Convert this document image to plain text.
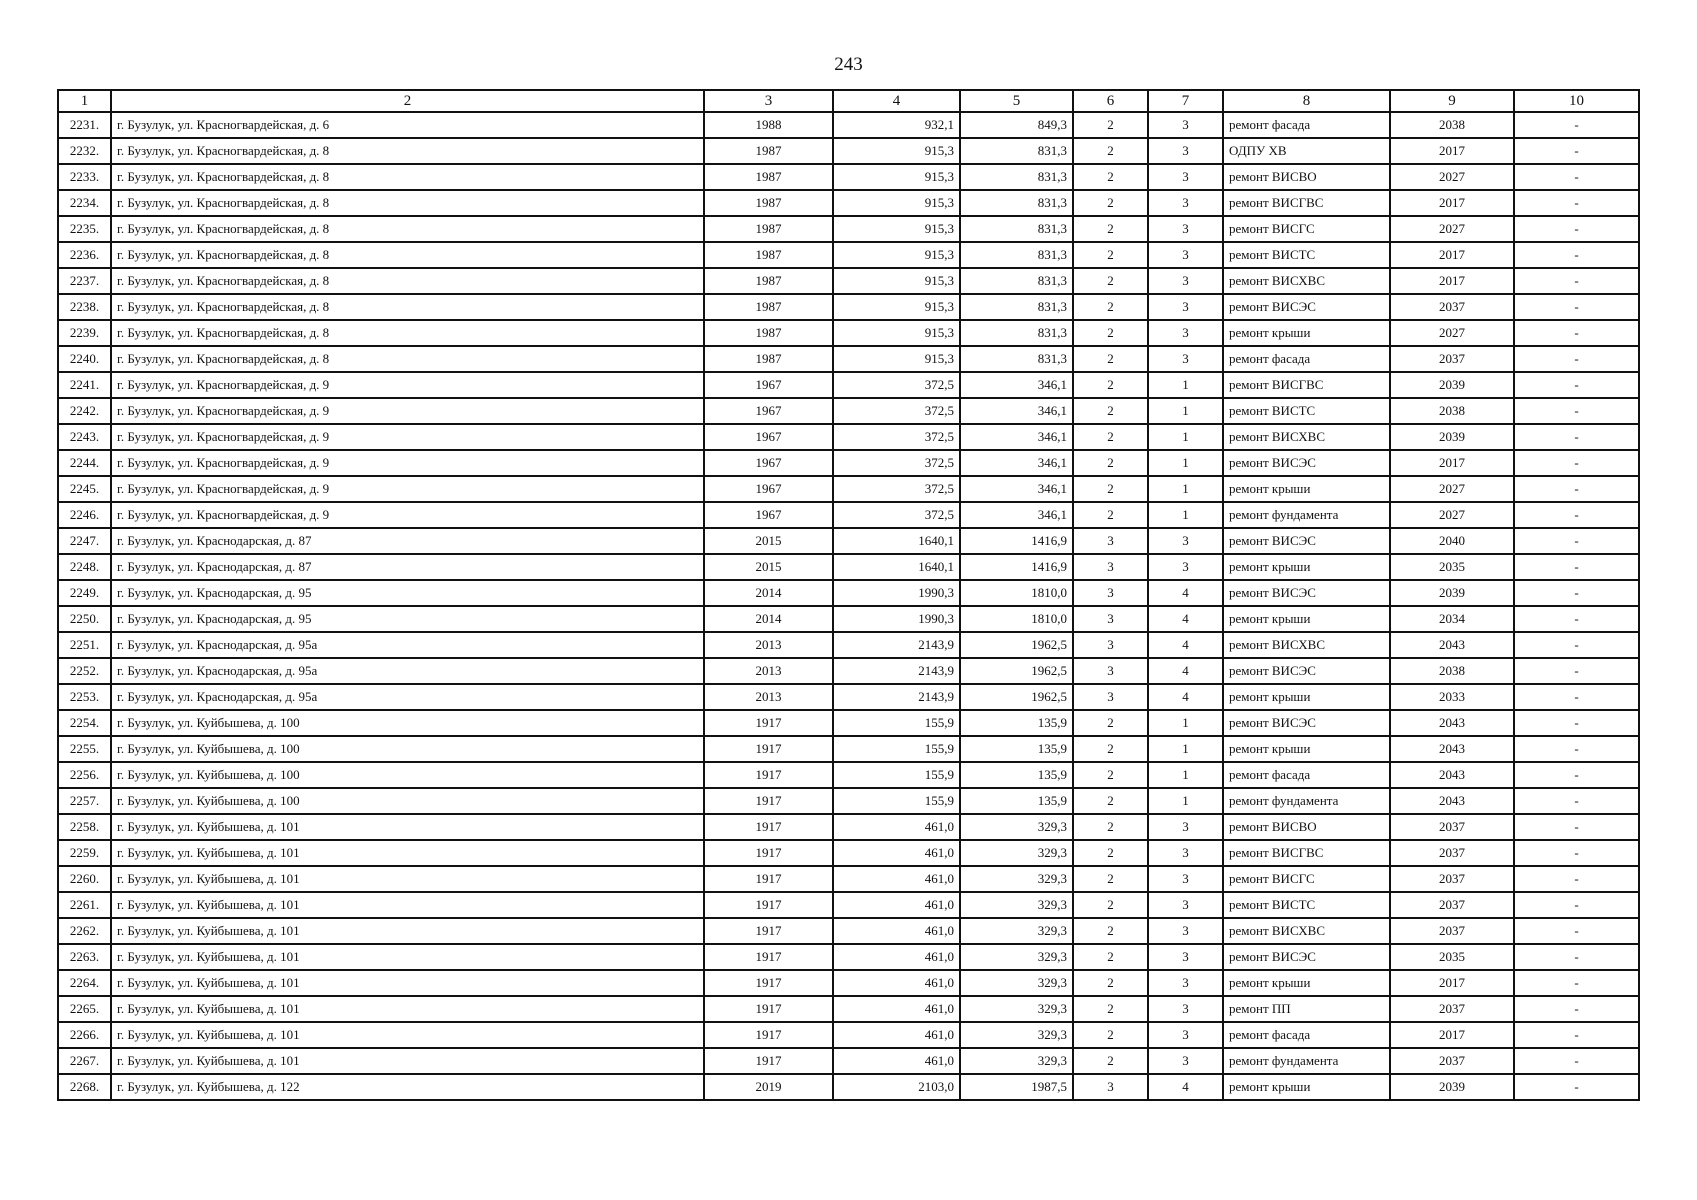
243
1	2	3	4	5	6	7	8	9	10
2231.	г. Бузулук, ул. Красногвардейская, д. 6	1988	932,1	849,3	2	3	ремонт фасада	2038	-
2232.	г. Бузулук, ул. Красногвардейская, д. 8	1987	915,3	831,3	2	3	ОДПУ ХВ	2017	-
2233.	г. Бузулук, ул. Красногвардейская, д. 8	1987	915,3	831,3	2	3	ремонт ВИСВО	2027	-
2234.	г. Бузулук, ул. Красногвардейская, д. 8	1987	915,3	831,3	2	3	ремонт ВИСГВС	2017	-
2235.	г. Бузулук, ул. Красногвардейская, д. 8	1987	915,3	831,3	2	3	ремонт ВИСГС	2027	-
2236.	г. Бузулук, ул. Красногвардейская, д. 8	1987	915,3	831,3	2	3	ремонт ВИСТС	2017	-
2237.	г. Бузулук, ул. Красногвардейская, д. 8	1987	915,3	831,3	2	3	ремонт ВИСХВС	2017	-
2238.	г. Бузулук, ул. Красногвардейская, д. 8	1987	915,3	831,3	2	3	ремонт ВИСЭС	2037	-
2239.	г. Бузулук, ул. Красногвардейская, д. 8	1987	915,3	831,3	2	3	ремонт крыши	2027	-
2240.	г. Бузулук, ул. Красногвардейская, д. 8	1987	915,3	831,3	2	3	ремонт фасада	2037	-
2241.	г. Бузулук, ул. Красногвардейская, д. 9	1967	372,5	346,1	2	1	ремонт ВИСГВС	2039	-
2242.	г. Бузулук, ул. Красногвардейская, д. 9	1967	372,5	346,1	2	1	ремонт ВИСТС	2038	-
2243.	г. Бузулук, ул. Красногвардейская, д. 9	1967	372,5	346,1	2	1	ремонт ВИСХВС	2039	-
2244.	г. Бузулук, ул. Красногвардейская, д. 9	1967	372,5	346,1	2	1	ремонт ВИСЭС	2017	-
2245.	г. Бузулук, ул. Красногвардейская, д. 9	1967	372,5	346,1	2	1	ремонт крыши	2027	-
2246.	г. Бузулук, ул. Красногвардейская, д. 9	1967	372,5	346,1	2	1	ремонт фундамента	2027	-
2247.	г. Бузулук, ул. Краснодарская, д. 87	2015	1640,1	1416,9	3	3	ремонт ВИСЭС	2040	-
2248.	г. Бузулук, ул. Краснодарская, д. 87	2015	1640,1	1416,9	3	3	ремонт крыши	2035	-
2249.	г. Бузулук, ул. Краснодарская, д. 95	2014	1990,3	1810,0	3	4	ремонт ВИСЭС	2039	-
2250.	г. Бузулук, ул. Краснодарская, д. 95	2014	1990,3	1810,0	3	4	ремонт крыши	2034	-
2251.	г. Бузулук, ул. Краснодарская, д. 95а	2013	2143,9	1962,5	3	4	ремонт ВИСХВС	2043	-
2252.	г. Бузулук, ул. Краснодарская, д. 95а	2013	2143,9	1962,5	3	4	ремонт ВИСЭС	2038	-
2253.	г. Бузулук, ул. Краснодарская, д. 95а	2013	2143,9	1962,5	3	4	ремонт крыши	2033	-
2254.	г. Бузулук, ул. Куйбышева, д. 100	1917	155,9	135,9	2	1	ремонт ВИСЭС	2043	-
2255.	г. Бузулук, ул. Куйбышева, д. 100	1917	155,9	135,9	2	1	ремонт крыши	2043	-
2256.	г. Бузулук, ул. Куйбышева, д. 100	1917	155,9	135,9	2	1	ремонт фасада	2043	-
2257.	г. Бузулук, ул. Куйбышева, д. 100	1917	155,9	135,9	2	1	ремонт фундамента	2043	-
2258.	г. Бузулук, ул. Куйбышева, д. 101	1917	461,0	329,3	2	3	ремонт ВИСВО	2037	-
2259.	г. Бузулук, ул. Куйбышева, д. 101	1917	461,0	329,3	2	3	ремонт ВИСГВС	2037	-
2260.	г. Бузулук, ул. Куйбышева, д. 101	1917	461,0	329,3	2	3	ремонт ВИСГС	2037	-
2261.	г. Бузулук, ул. Куйбышева, д. 101	1917	461,0	329,3	2	3	ремонт ВИСТС	2037	-
2262.	г. Бузулук, ул. Куйбышева, д. 101	1917	461,0	329,3	2	3	ремонт ВИСХВС	2037	-
2263.	г. Бузулук, ул. Куйбышева, д. 101	1917	461,0	329,3	2	3	ремонт ВИСЭС	2035	-
2264.	г. Бузулук, ул. Куйбышева, д. 101	1917	461,0	329,3	2	3	ремонт крыши	2017	-
2265.	г. Бузулук, ул. Куйбышева, д. 101	1917	461,0	329,3	2	3	ремонт ПП	2037	-
2266.	г. Бузулук, ул. Куйбышева, д. 101	1917	461,0	329,3	2	3	ремонт фасада	2017	-
2267.	г. Бузулук, ул. Куйбышева, д. 101	1917	461,0	329,3	2	3	ремонт фундамента	2037	-
2268.	г. Бузулук, ул. Куйбышева, д. 122	2019	2103,0	1987,5	3	4	ремонт крыши	2039	-
